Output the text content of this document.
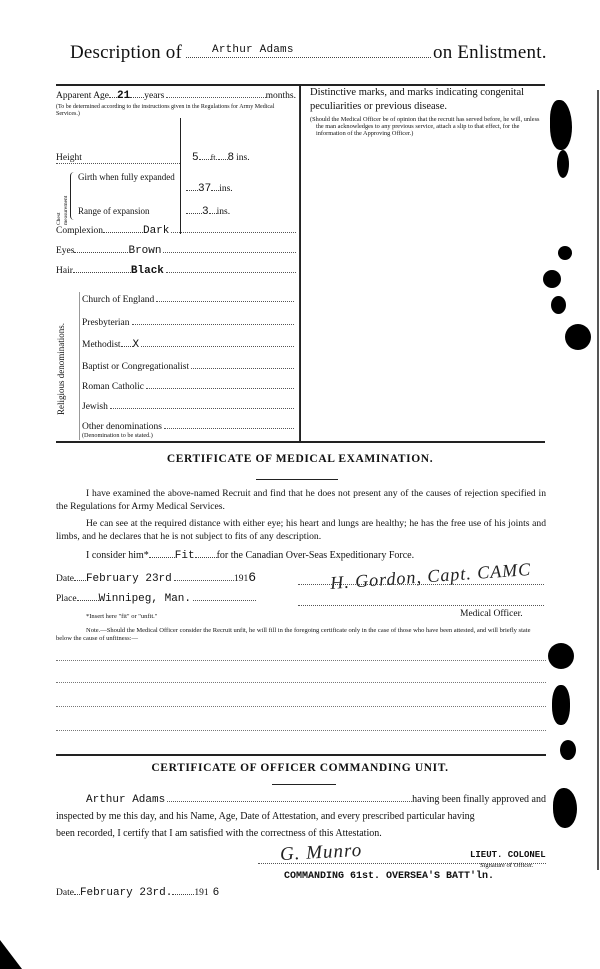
Description of	Arthur Adams	on Enlistment.
Apparent Age 21 years	months.
(To be determined according to the instructions given in the Regulations for Army Medical Services.)
Height	5 ft. 8 ins.
Chest measurement
Girth when fully expanded
37 ins.
Range of expansion	3 ins.
Complexion	Dark
Eyes	Brown
Hair	Black
Religious denominations.
Church of England
Presbyterian
Methodist X
Baptist or Congregationalist
Roman Catholic
Jewish
Other denominations
(Denomination to be stated.)
Distinctive marks, and marks indicating congenital peculiarities or previous disease.
(Should the Medical Officer be of opinion that the recruit has served before, he will, unless the man acknowledges to any previous service, attach a slip to that effect, for the information of the Approving Officer.)
CERTIFICATE OF MEDICAL EXAMINATION.
I have examined the above-named Recruit and find that he does not present any of the causes of rejection specified in the Regulations for Army Medical Services.
He can see at the required distance with either eye; his heart and lungs are healthy; he has the free use of his joints and limbs, and he declares that he is not subject to fits of any description.
I consider him* Fit for the Canadian Over-Seas Expeditionary Force.
Date February 23rd	191 6
Place Winnipeg, Man.
H. Gordon, Capt. CAMC
Medical Officer.
*Insert here "fit" or "unfit."
Note.—Should the Medical Officer consider the Recruit unfit, he will fill in the foregoing certificate only in the case of those who have been attested, and will briefly state below the cause of unfitness:—
CERTIFICATE OF OFFICER COMMANDING UNIT.
Arthur Adams	having been finally approved and
inspected by me this day, and his Name, Age, Date of Attestation, and every prescribed particular having
been recorded, I certify that I am satisfied with the correctness of this Attestation.
G. Munro	LIEUT. COLONEL
Signature of Officer.
COMMANDING 61st. OVERSEA'S BATT'ln.
Date February 23rd. 191 6
